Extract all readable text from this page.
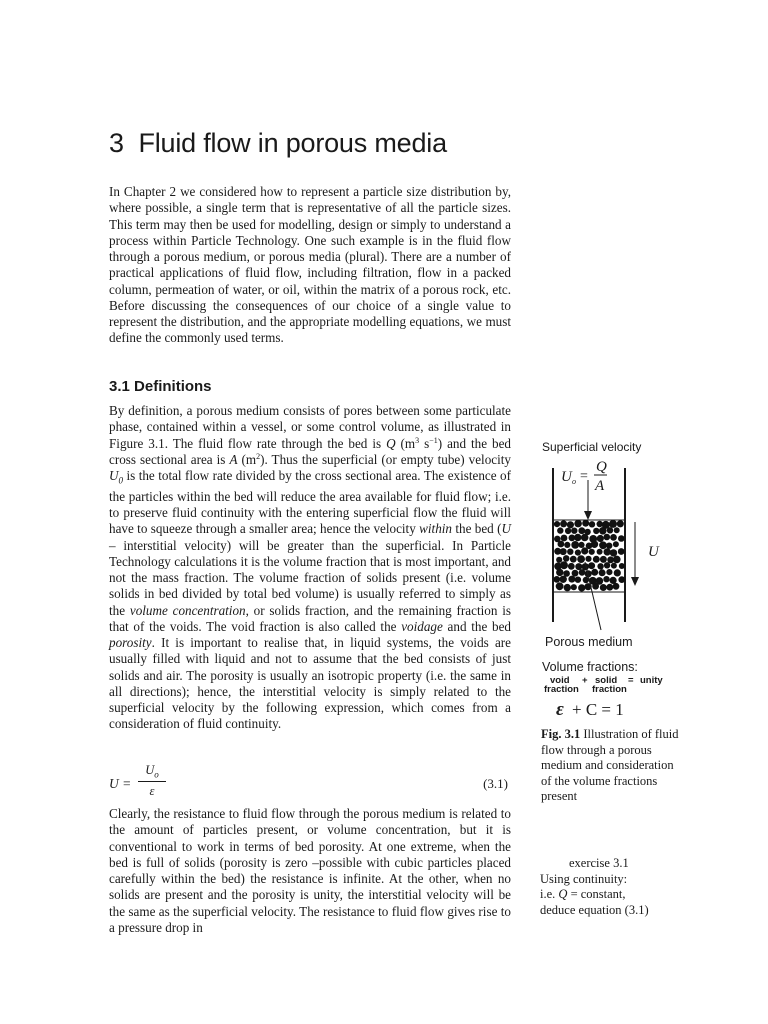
3 Fluid flow in porous media

In Chapter 2 we considered how to represent a particle size distribution by, where possible, a single term that is representative of all the particle sizes. This term may then be used for modelling, design or simply to understand a process within Particle Technology. One such example is in the fluid flow through a porous medium, or porous media (plural). There are a number of practical applications of fluid flow, including filtration, flow in a packed column, permeation of water, or oil, within the matrix of a porous rock, etc. Before discussing the consequences of our choice of a single value to represent the distribution, and the appropriate modelling equations, we must define the commonly used terms.

3.1 Definitions

By definition, a porous medium consists of pores between some particulate phase, contained within a vessel, or some control volume, as illustrated in Figure 3.1. The fluid flow rate through the bed is Q ($m^3$ $s^{-1}$) and the bed cross sectional area is A $(m^2)$. Thus the superficial (or empty tube) velocity $U_0$ is the total flow rate divided by the cross sectional area. The existence of the particles within the bed will reduce the area available for fluid flow; i.e. to preserve fluid continuity with the entering superficial flow the fluid will have to squeeze through a smaller area; hence the velocity within the bed (U – interstitial velocity) will be greater than the superficial. In Particle Technology calculations it is the volume fraction that is most important, and not the mass fraction. The volume fraction of solids present (i.e. volume solids in bed divided by total bed volume) is usually referred to simply as the volume concentration, or solids fraction, and the remaining fraction is that of the voids. The void fraction is also called the voidage and the bed porosity. It is important to realise that, in liquid systems, the voids are usually filled with liquid and not to assume that the bed consists of just solids and air. The porosity is usually an isotropic property (i.e. the same in all directions); hence, the interstitial velocity is simply related to the superficial velocity by the following expression, which comes from a consideration of fluid continuity.

U =
$U_o$
ε	(3.1)

Clearly, the resistance to fluid flow through the porous medium is related to the amount of particles present, or volume concentration, but it is conventional to work in terms of bed porosity. At one extreme, when the bed is full of solids (porosity is zero –possible with cubic particles placed carefully within the bed) the resistance is infinite. At the other, when no solids are present and the porosity is unity, the interstitial velocity will be the same as the superficial velocity. The resistance to fluid flow gives rise to a pressure drop in

Superficial velocity
U o =
Q
A
U
Porous medium
Volume fractions:
void + solid = unity
fraction fraction
ε + C = 1

Fig. 3.1 Illustration of fluid flow through a porous medium and consideration of the volume fractions present

exercise 3.1
Using continuity:
i.e. Q = constant,
deduce equation (3.1)
